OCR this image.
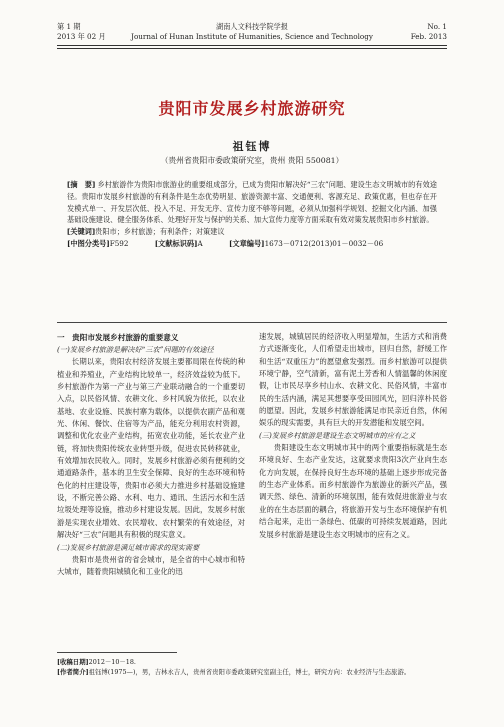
第 1 期
2013 年 02 月
湖南人文科技学院学报
Journal of Hunan Institute of Humanities, Science and Technology
No. 1
Feb. 2013
贵阳市发展乡村旅游研究
祖钰博
（贵州省贵阳市委政策研究室，贵州 贵阳 550081）

[摘　要] 乡村旅游作为贵阳市旅游业的重要组成部分，已成为贵阳市解决好“三农”问题、建设生态文明城市的有效途径。贵阳市发展乡村旅游的有利条件是生态优势明显、旅游资源丰富、交通便利、客源充足、政策优惠，但也存在开发模式单一、开发层次低、投入不足、开发无序、宣传力度不够等问题，必须从加强科学规划、挖掘文化内涵、加强基础设施建设、健全服务体系、处理好开发与保护的关系、加大宣传力度等方面采取有效对策发展贵阳市乡村旅游。

[关键词]贵阳市；乡村旅游；有利条件；对策建议

[中图分类号]F592	[文献标识码]A	[文章编号]1673－0712(2013)01－0032－06
一　贵阳市发展乡村旅游的重要意义
(一)发展乡村旅游是解决好“三农”问题的有效途径

长期以来，贵阳农村经济发展主要都局限在传统的种植业和养殖业，产业结构比较单一，经济效益较为低下。乡村旅游作为第一产业与第三产业联动融合的一个重要切入点，以民俗风情、农耕文化、乡村风貌为依托，以农业基地、农业设施、民族村寨为载体，以提供农副产品和观光、休闲、餐饮、住宿等为产品，能充分利用农村资源，调整和优化农业产业结构，拓宽农业功能，延长农业产业链，将加快贵阳传统农业转型升级，促进农民转移就业，有效增加农民收入。同时，发展乡村旅游必须有便利的交通道路条件，基本的卫生安全保障、良好的生态环境和特色化的村庄建设等，贵阳市必须大力推进乡村基础设施建设，不断完善公路、水利、电力、通讯、生活污水和生活垃圾处理等设施，推动乡村建设发展。因此，发展乡村旅游是实现农业增效、农民增收、农村繁荣的有效途径，对解决好“三农”问题具有积极的现实意义。

(二)发展乡村旅游是满足城市需求的现实需要

贵阳市是贵州省的省会城市，是全省的中心城市和特大城市，随着贵阳城镇化和工业化的迅

速发展，城镇居民的经济收入明显增加，生活方式和消费方式逐渐变化，人们希望走出城市，回归自然，舒缓工作和生活“双重压力”的愿望愈发强烈。而乡村旅游可以提供环境宁静，空气清新，富有泥土芳香和人情温馨的休闲度假，让市民尽享乡村山水、农耕文化、民俗风情，丰富市民的生活内涵，满足其想要享受田园风光，回归淳朴民俗的愿望。因此，发展乡村旅游能满足市民亲近自然，休闲娱乐的现实需要，具有巨大的开发潜能和发展空间。

(三)发展乡村旅游是建设生态文明城市的应有之义

贵阳建设生态文明城市其中的两个重要指标就是生态环境良好、生态产业发达，这就要求贵阳3次产业向生态化方向发展，在保持良好生态环境的基础上逐步形成完备的生态产业体系。而乡村旅游作为旅游业的新兴产品，强调天然、绿色、清新的环境氛围，能有效促进旅游业与农业的在生态层面的耦合，将旅游开发与生态环境保护有机结合起来，走出一条绿色、低碳的可持续发展道路，因此发展乡村旅游是建设生态文明城市的应有之义。

[收稿日期]2012－10－18.

[作者简介]祖钰博(1975—)，男，吉林永吉人，贵州省贵阳市委政策研究室副主任，博士，研究方向：农业经济与生态旅游。
